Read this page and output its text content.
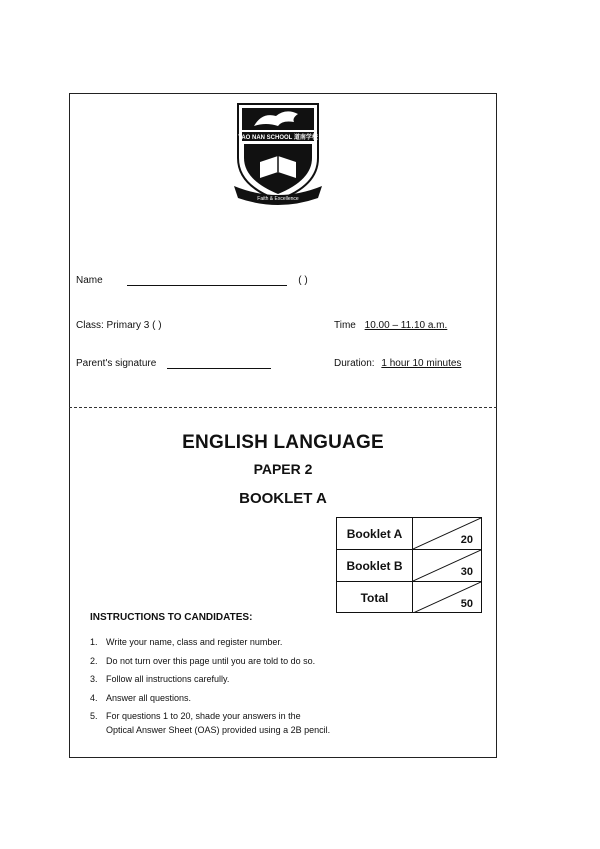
TAO NAN SCHOOL 道南学校
Faith & Excellence
Name	( )
Class: Primary 3 ( )	Time 10.00 – 11.10 a.m.
Parent's signature	Duration: 1 hour 10 minutes
ENGLISH LANGUAGE
PAPER 2
BOOKLET A
Booklet A	20
Booklet B	30
Total	50
INSTRUCTIONS TO CANDIDATES:
1. Write your name, class and register number.
2. Do not turn over this page until you are told to do so.
3. Follow all instructions carefully.
4. Answer all questions.
5. For questions 1 to 20, shade your answers in the
Optical Answer Sheet (OAS) provided using a 2B pencil.
